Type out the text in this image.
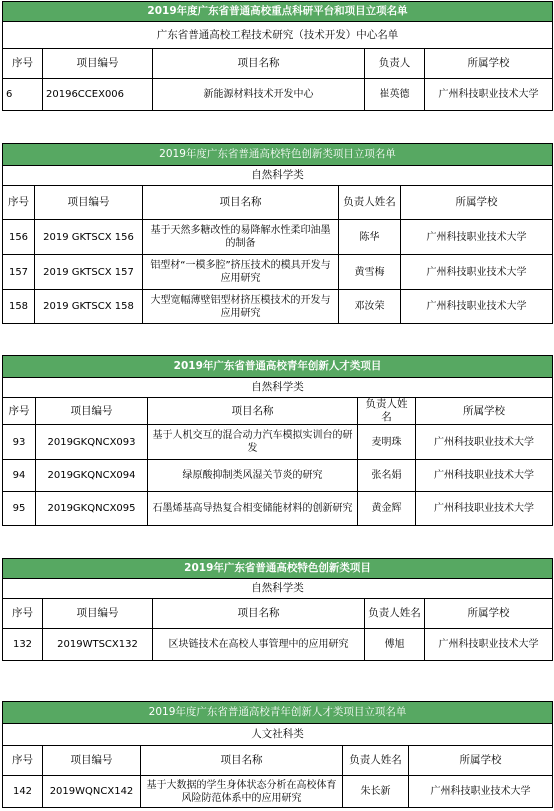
2019年度广东省普通高校重点科研平台和项目立项名单				
广东省普通高校工程技术研究（技术开发）中心名单				
序号	项目编号	项目名称	负责人	所属学校
6	20196CCEX006	新能源材料技术开发中心	崔英德	广州科技职业技术大学
2019年度广东省普通高校特色创新类项目立项名单				
自然科学类				
序号	项目编号	项目名称	负责人姓名	所属学校
156	2019 GKTSCX 156	基于天然多糖改性的易降解水性柔印油墨的制备	陈华	广州科技职业技术大学
157	2019 GKTSCX 157	铝型材“一模多腔”挤压技术的模具开发与应用研究	黄雪梅	广州科技职业技术大学
158	2019 GKTSCX 158	大型宽幅薄壁铝型材挤压模技术的开发与应用研究	邓汝荣	广州科技职业技术大学
2019年广东省普通高校青年创新人才类项目				
自然科学类				
序号	项目编号	项目名称	负责人姓名	所属学校
93	2019GKQNCX093	基于人机交互的混合动力汽车模拟实训台的研发	麦明珠	广州科技职业技术大学
94	2019GKQNCX094	绿原酸抑制类风湿关节炎的研究	张名娟	广州科技职业技术大学
95	2019GKQNCX095	石墨烯基高导热复合相变储能材料的创新研究	黄金辉	广州科技职业技术大学
2019年广东省普通高校特色创新类项目				
自然科学类				
序号	项目编号	项目名称	负责人姓名	所属学校
132	2019WTSCX132	区块链技术在高校人事管理中的应用研究	傅旭	广州科技职业技术大学
2019年度广东省普通高校青年创新人才类项目立项名单				
人文社科类				
序号	项目编号	项目名称	负责人姓名	所属学校
142	2019WQNCX142	基于大数据的学生身体状态分析在高校体育风险防范体系中的应用研究	朱长新	广州科技职业技术大学
